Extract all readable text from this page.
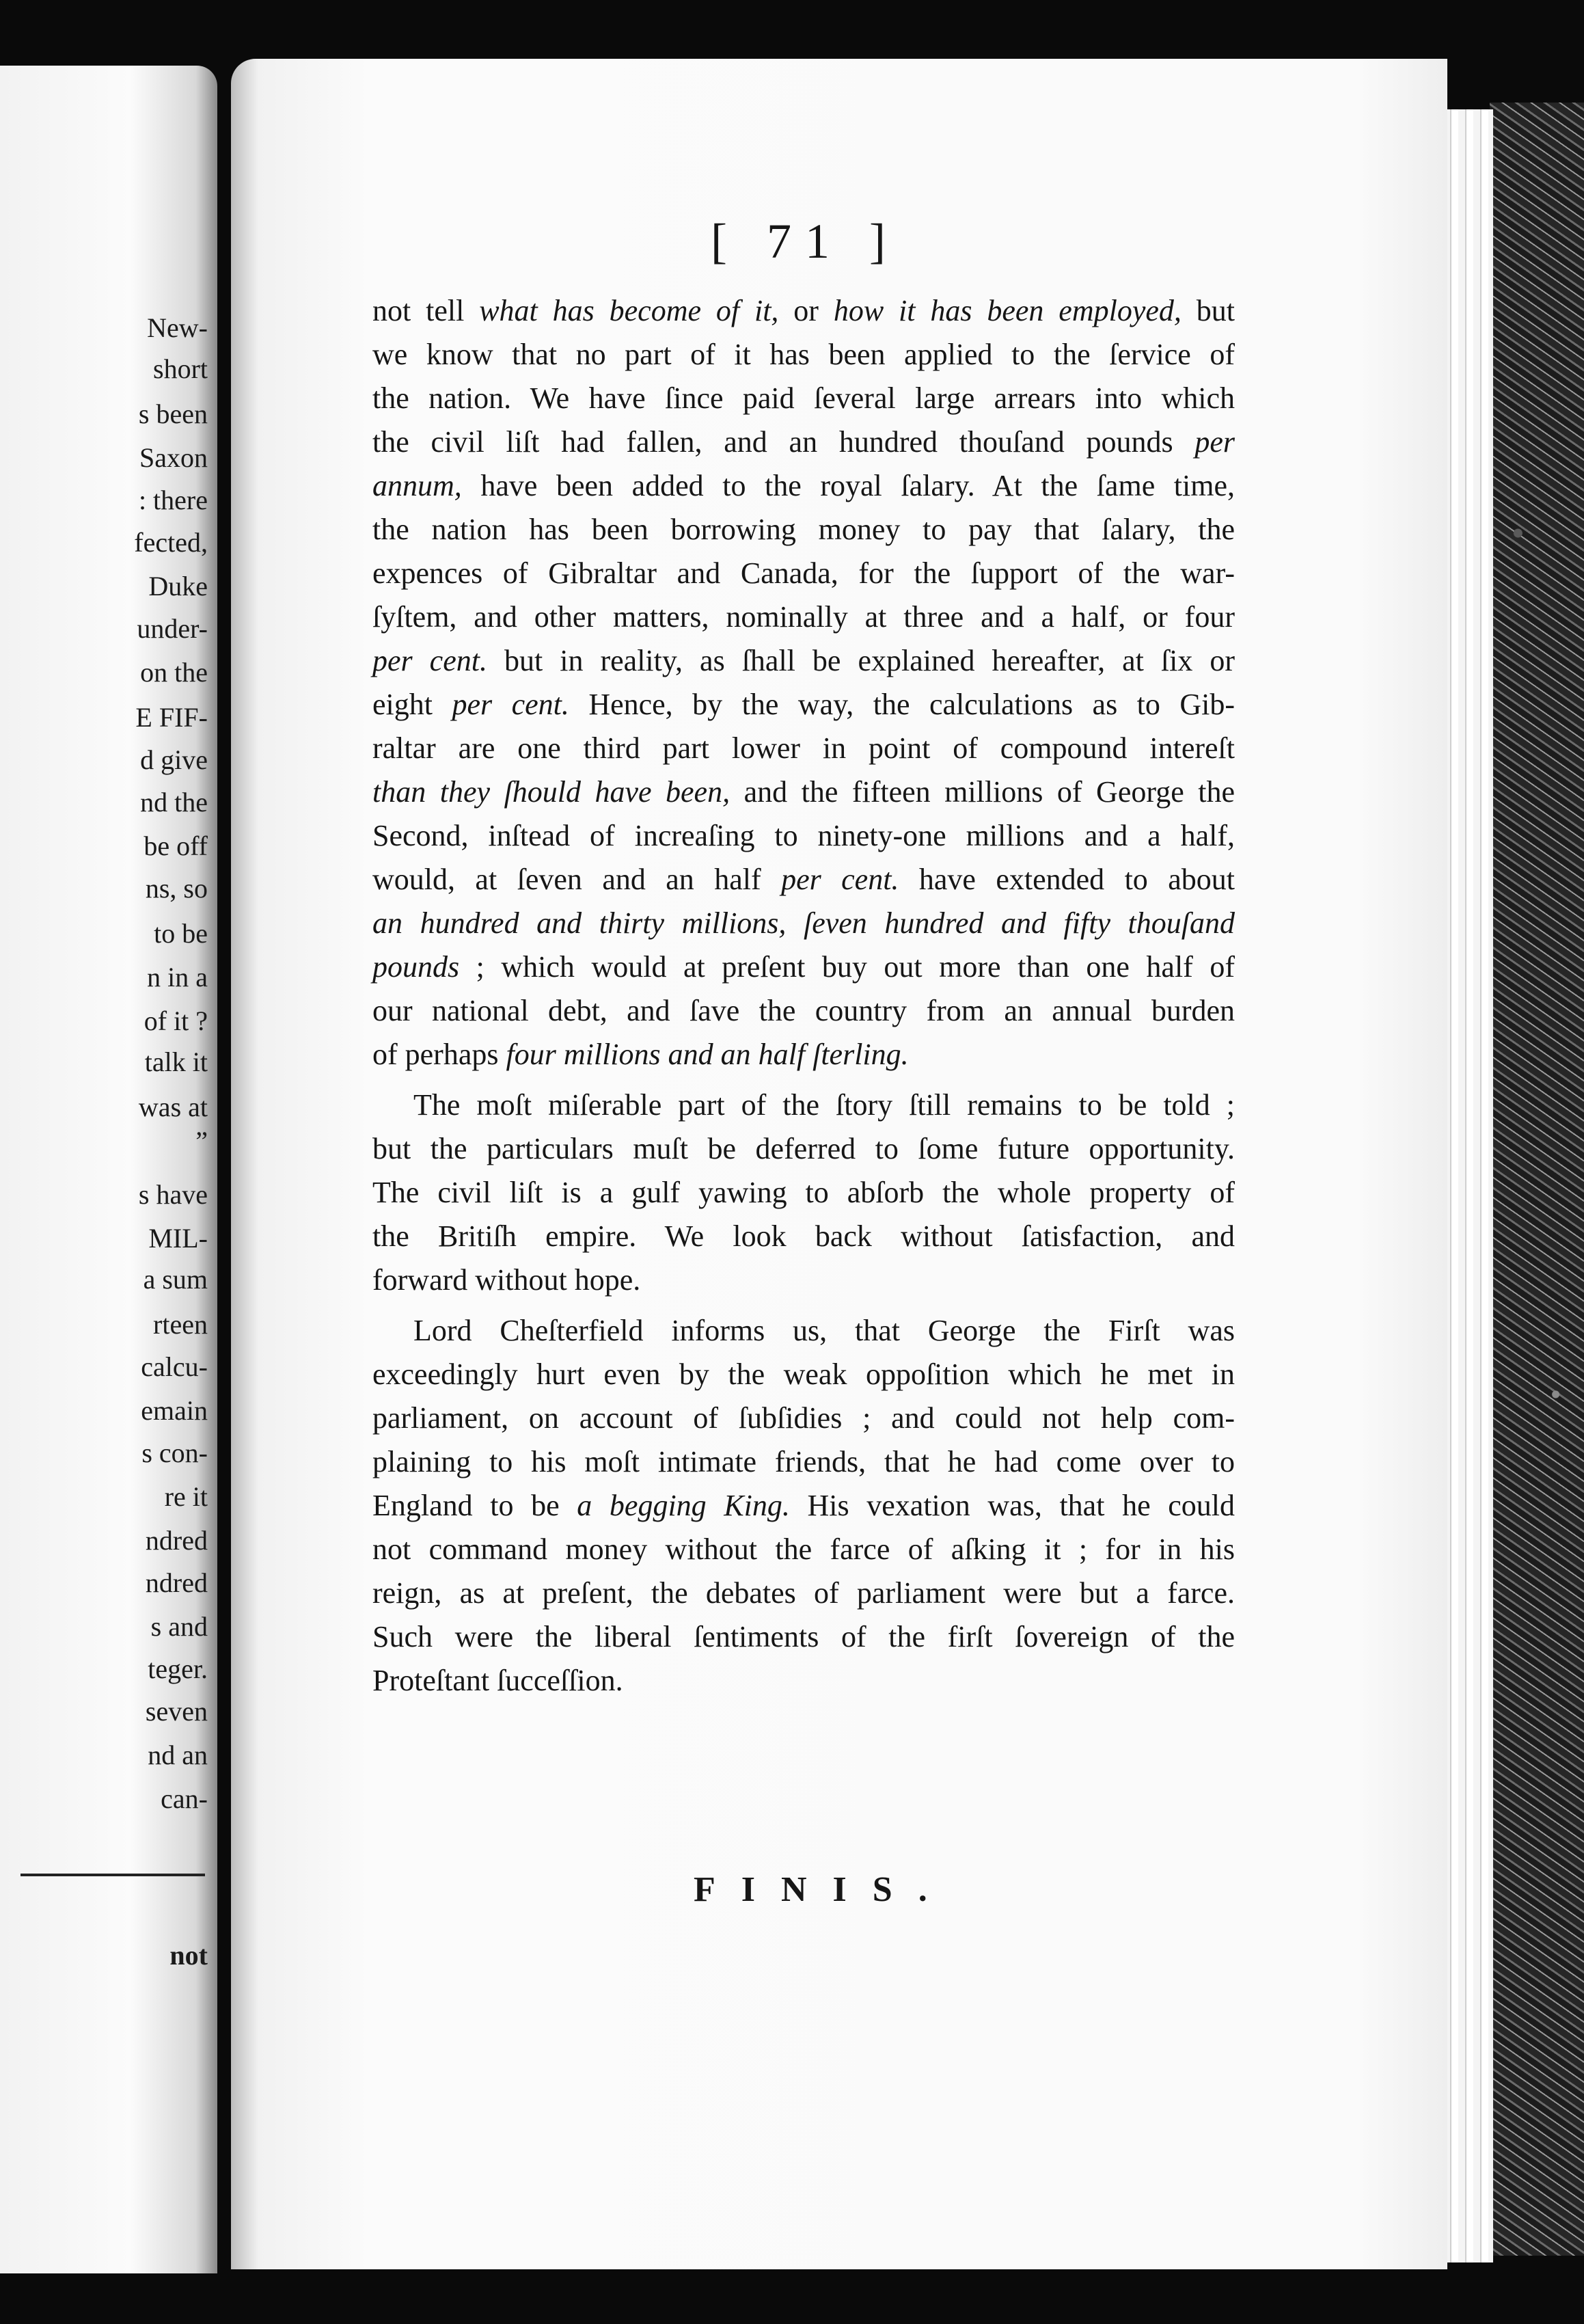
New-
short
s been
Saxon
: there
fected,
Duke
under-
on the
E FIF-
d give
nd the
be off
ns, so
to be
n in a
of it ?
talk it
was at
”
s have
MIL-
a sum
rteen
calcu-
emain
s con-
re it
ndred
ndred
s and
teger.
seven
nd an
can-
not
[ 71 ]
not tell what has become of it, or how it has been employed, but
we know that no part of it has been applied to the ſervice of
the nation. We have ſince paid ſeveral large arrears into which
the civil liſt had fallen, and an hundred thouſand pounds per
annum, have been added to the royal ſalary. At the ſame time,
the nation has been borrowing money to pay that ſalary, the
expences of Gibraltar and Canada, for the ſupport of the war-
ſyſtem, and other matters, nominally at three and a half, or four
per cent. but in reality, as ſhall be explained hereafter, at ſix or
eight per cent. Hence, by the way, the calculations as to Gib-
raltar are one third part lower in point of compound intereſt
than they ſhould have been, and the fifteen millions of George the
Second, inſtead of increaſing to ninety-one millions and a half,
would, at ſeven and an half per cent. have extended to about
an hundred and thirty millions, ſeven hundred and fifty thouſand
pounds ; which would at preſent buy out more than one half of
our national debt, and ſave the country from an annual burden
of perhaps four millions and an half ſterling.
The moſt miſerable part of the ſtory ſtill remains to be told ;
but the particulars muſt be deferred to ſome future opportunity.
The civil liſt is a gulf yawing to abſorb the whole property of
the Britiſh empire. We look back without ſatisfaction, and
forward without hope.
Lord Cheſterfield informs us, that George the Firſt was
exceedingly hurt even by the weak oppoſition which he met in
parliament, on account of ſubſidies ; and could not help com-
plaining to his moſt intimate friends, that he had come over to
England to be a begging King. His vexation was, that he could
not command money without the farce of aſking it ; for in his
reign, as at preſent, the debates of parliament were but a farce.
Such were the liberal ſentiments of the firſt ſovereign of the
Proteſtant ſucceſſion.
FINIS.
